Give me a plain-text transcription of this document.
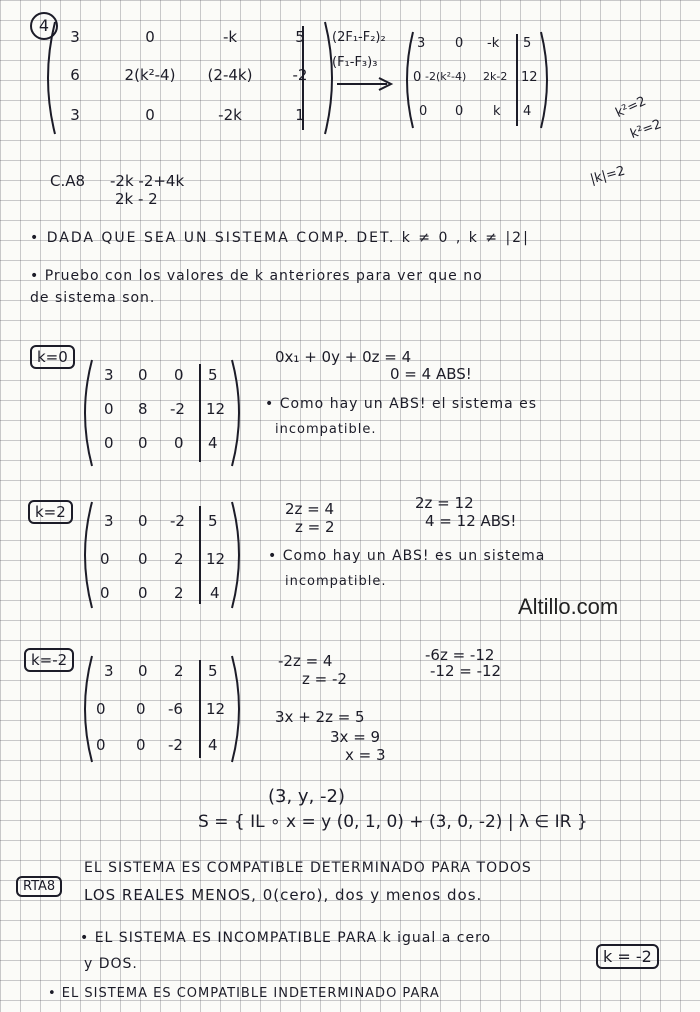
4
3	0	-k	5
6	2(k²-4)	(2-4k)	-2
3	0	-2k	1
(2F₁-F₂)₂
(F₁-F₃)₃
3 0 -k 5
0 -2(k²-4) 2k-2 12
0 0 k 4	k²=2
k²=2
|k|=2
C.A8 -2k -2+4k
2k - 2
• DADA QUE SEA UN SISTEMA COMP. DET. k ≠ 0 , k ≠ |2|
• Pruebo con los valores de k anteriores para ver que no
de sistema son.
k=0
3 0 0 5
0 8 -2 12
0 0 0 4
0x₁ + 0y + 0z = 4
0 = 4 ABS!
• Como hay un ABS! el sistema es
incompatible.
k=2	3 0 -2 5
0 0 2 12
0 0 2 4
2z = 4
z = 2
2z = 12
4 = 12 ABS!
• Como hay un ABS! es un sistema
incompatible.
Altillo.com
k=-2
3 0 2 5
0 0 -6 12
0 0 -2 4
-2z = 4
z = -2
-6z = -12
-12 = -12
3x + 2z = 5
3x = 9
x = 3
(3, y, -2)
S = { IL ∘ x = y (0, 1, 0) + (3, 0, -2) | λ ∈ IR }
RTA8
EL SISTEMA ES COMPATIBLE DETERMINADO PARA TODOS
LOS REALES MENOS, 0(cero), dos y menos dos.
• EL SISTEMA ES INCOMPATIBLE PARA k igual a cero
y DOS.
• EL SISTEMA ES COMPATIBLE INDETERMINADO PARA
k = -2
